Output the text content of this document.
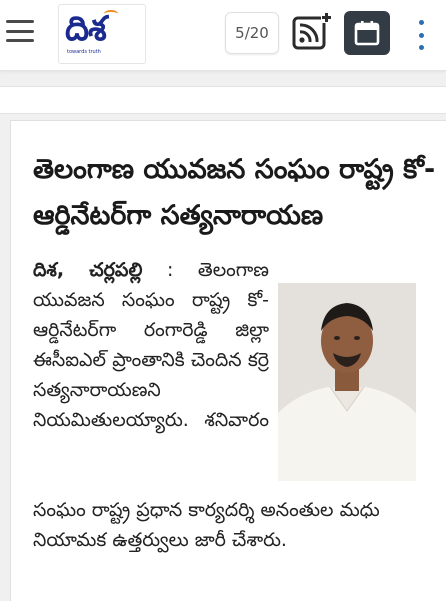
దిశ
towards truth
5/20
తెలంగాణ యువజన సంఘం రాష్ట్ర కో-ఆర్డినేటర్‌గా సత్యనారాయణ

దిశ, చర్లపల్లి : తెలంగాణ యువజన సంఘం రాష్ట్ర కో-ఆర్డినేటర్‌గా రంగారెడ్డి జిల్లా ఈసీఐఎల్ ప్రాంతానికి చెందిన కర్రె సత్యనారాయణని నియమితులయ్యారు. శనివారం

సంఘం రాష్ట్ర ప్రధాన కార్యదర్శి అనంతుల మధు నియామక ఉత్తర్వులు జారీ చేశారు.
